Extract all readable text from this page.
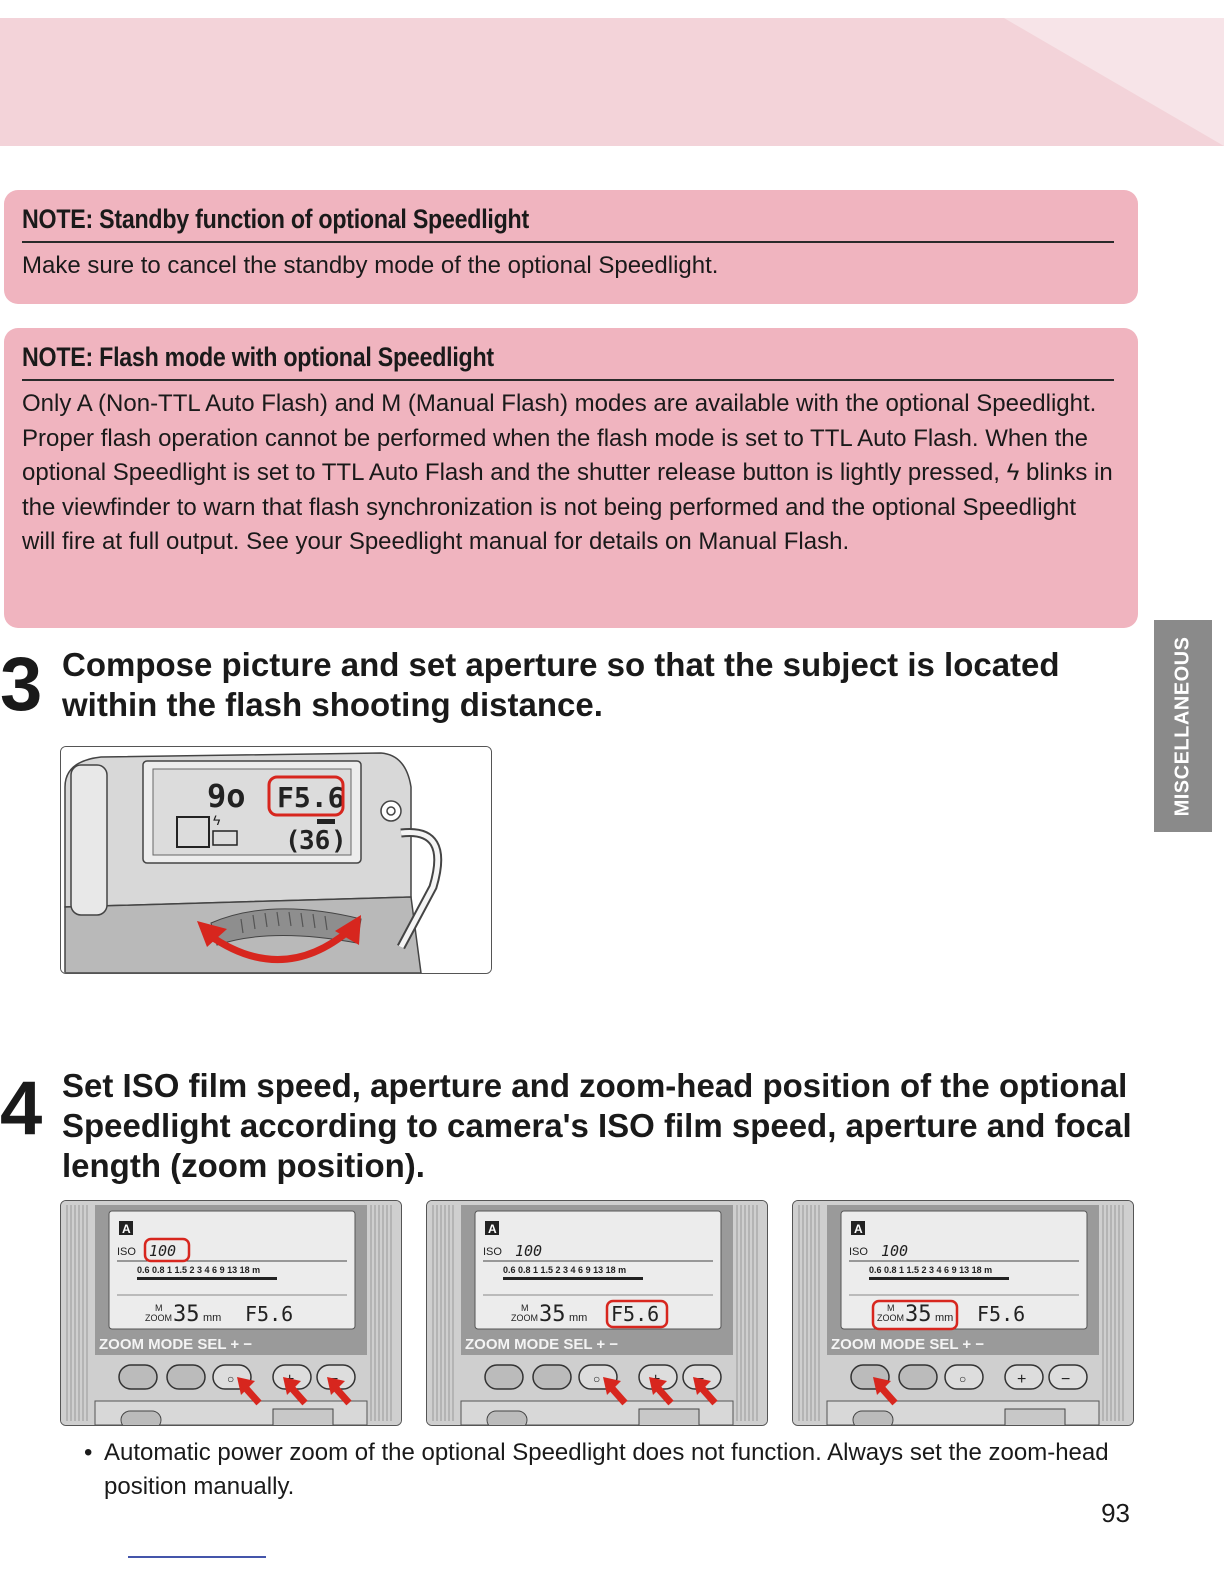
NOTE: Standby function of optional Speedlight

Make sure to cancel the standby mode of the optional Speedlight.

NOTE: Flash mode with optional Speedlight

Only A (Non-TTL Auto Flash) and M (Manual Flash) modes are available with the optional Speedlight. Proper flash operation cannot be performed when the flash mode is set to TTL Auto Flash. When the optional Speedlight is set to TTL Auto Flash and the shutter release button is lightly pressed, ϟ blinks in the viewfinder to warn that flash synchronization is not being performed and the optional Speedlight will fire at full output. See your Speedlight manual for details on Manual Flash.

MISCELLANEOUS
3 Compose picture and set aperture so that the subject is located within the flash shooting distance.
9o F5.6
ϟ
(
36 )
4 Set ISO film speed, aperture and zoom-head position of the optional Speedlight according to camera's ISO film speed, aperture and focal length (zoom position).
A
ISO 100
0.6 0.8 1 1.5 2 3 4 6 9 13 18 m
ZOOM
M 35 mm F5.6
ZOOM MODE SEL + −
○
A
ISO 100
0.6 0.8 1 1.5 2 3 4 6 9 13 18 m
ZOOM
M 35 mm F5.6
ZOOM MODE SEL + −
○
A
ISO 100
0.6 0.8 1 1.5 2 3 4 6 9 13 18 m
ZOOM
M 35 mm F5.6
ZOOM MODE SEL + −
○	+ −
• Automatic power zoom of the optional Speedlight does not function. Always set the zoom-head position manually.
93
